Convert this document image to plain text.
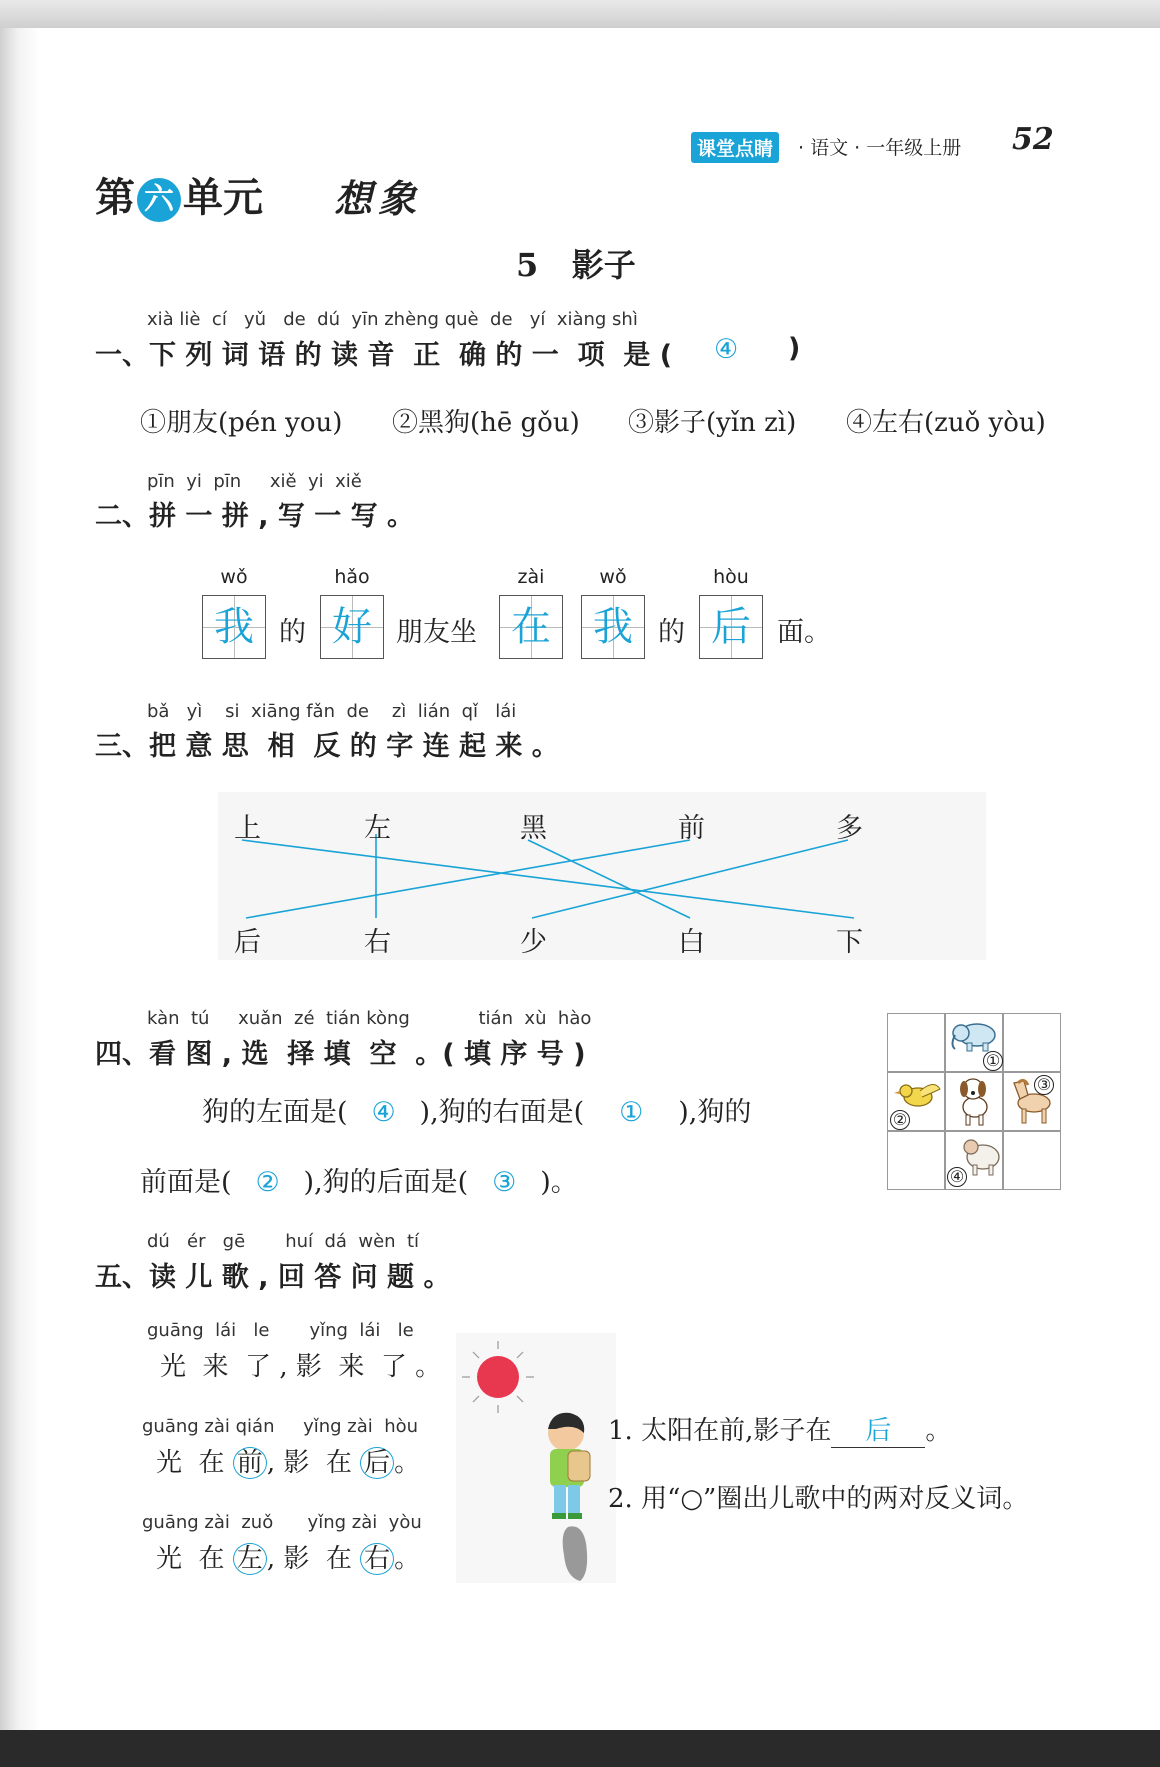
课堂点睛	· 语文 · 一年级上册 52
第 六 单元 想象
5 影子
xià liè  cí   yǔ   de  dú  yīn zhèng què  de   yí  xiàng shì
一、下 列 词 语 的 读 音  正  确 的 一  项  是 ( ④ )
①朋友(pén you) ②黑狗(hē gǒu) ③影子(yǐn zì) ④左右(zuǒ yòu)
pīn  yi  pīn     xiě  yi  xiě
二、拼 一 拼 , 写 一 写 。
wǒ
我 的
hǎo
好 朋友坐
zài
在
wǒ
我 的
hòu
后 面。
bǎ   yì    si  xiāng fǎn  de    zì  lián  qǐ   lái
三、把 意 思  相  反 的 字 连 起 来 。
上	左	黑	前	多
后	右	少	白	下
kàn  tú     xuǎn  zé  tián kòng            tián  xù  hào
四、看 图 , 选  择 填  空  。( 填 序 号 )
狗的左面是( ④ ),狗的右面是( ① ),狗的
前面是( ② ),狗的后面是( ③ )。
①
②
③
④
dú   ér   gē       huí  dá  wèn  tí
五、读 儿 歌 , 回 答 问 题 。
guāng  lái   le       yǐng  lái   le
光  来  了 , 影  来  了 。
guāng zài qián     yǐng zài  hòu
光  在 前 , 影  在 后 。
guāng zài  zuǒ      yǐng zài  yòu
光  在 左 , 影  在 右 。
1. 太阳在前,影子在 后 。
2. 用“○”圈出儿歌中的两对反义词。
